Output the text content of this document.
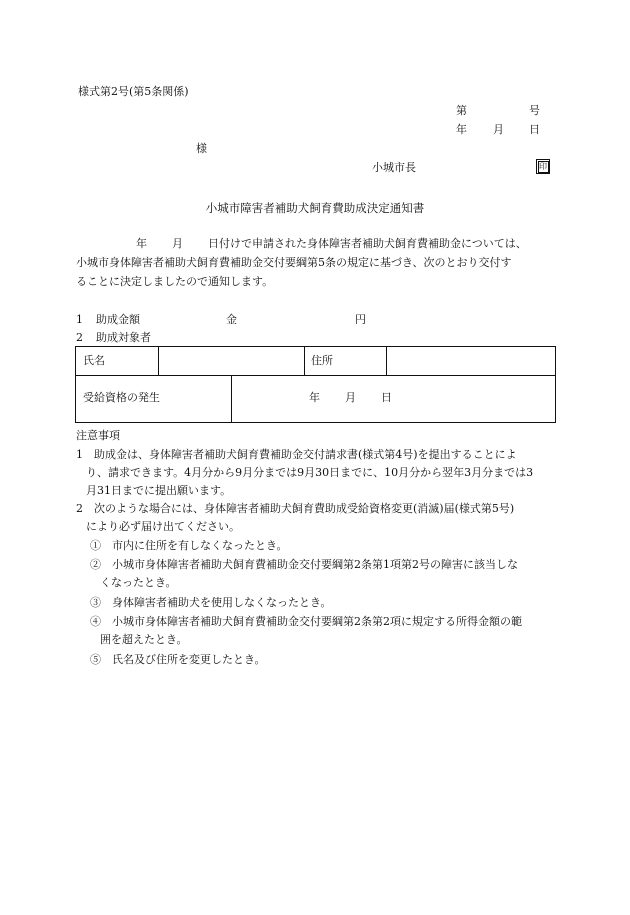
様式第2号(第5条関係)
第	号
年 月 日
様
小城市長	印
小城市障害者補助犬飼育費助成決定通知書
年 月 日付けで申請された身体障害者補助犬飼育費補助金については、
小城市身体障害者補助犬飼育費補助金交付要綱第5条の規定に基づき、次のとおり交付す
ることに決定しましたので通知します。
1 助成金額	金	円
2 助成対象者
氏名	住所
受給資格の発生	年 月 日
注意事項
1　助成金は、身体障害者補助犬飼育費補助金交付請求書(様式第4号)を提出することによ
り、請求できます。4月分から9月分までは9月30日までに、10月分から翌年3月分までは3
月31日までに提出願います。
2　次のような場合には、身体障害者補助犬飼育費助成受給資格変更(消滅)届(様式第5号)
により必ず届け出てください。
①　市内に住所を有しなくなったとき。
②　小城市身体障害者補助犬飼育費補助金交付要綱第2条第1項第2号の障害に該当しな
くなったとき。
③　身体障害者補助犬を使用しなくなったとき。
④　小城市身体障害者補助犬飼育費補助金交付要綱第2条第2項に規定する所得金額の範
囲を超えたとき。
⑤　氏名及び住所を変更したとき。
